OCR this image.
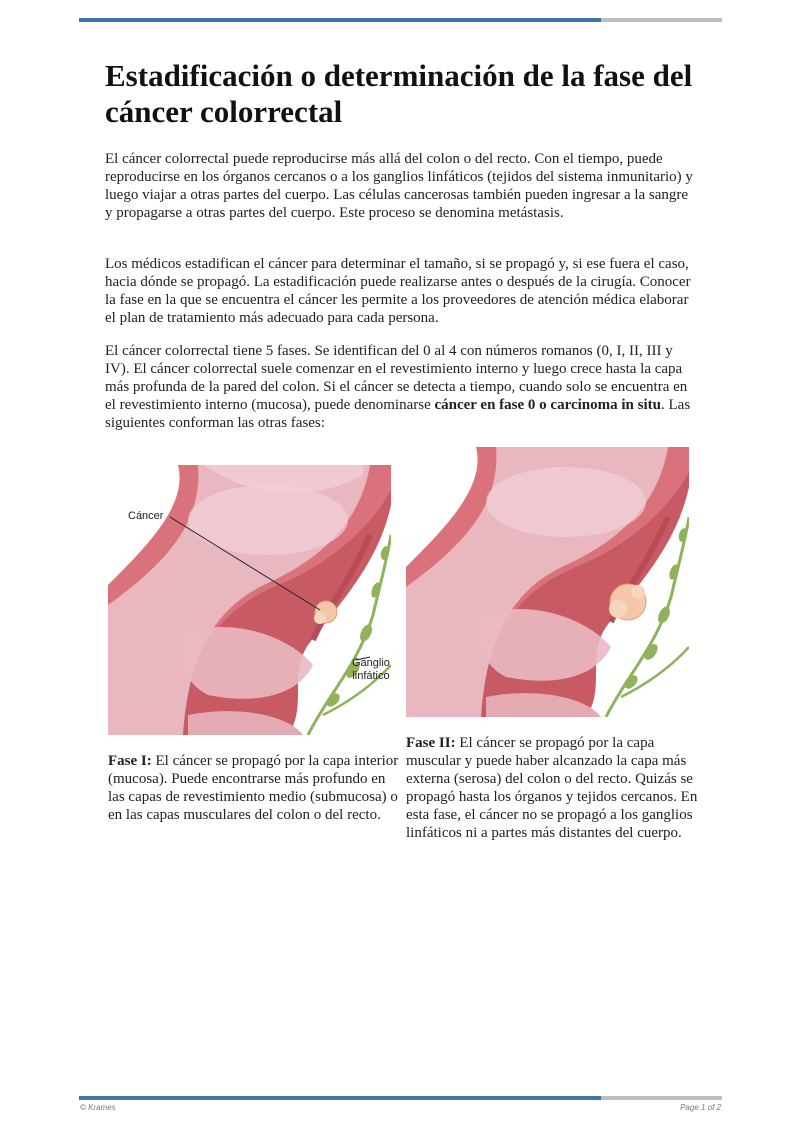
Estadificación o determinación de la fase del cáncer colorrectal

El cáncer colorrectal puede reproducirse más allá del colon o del recto. Con el tiempo, puede reproducirse en los órganos cercanos o a los ganglios linfáticos (tejidos del sistema inmunitario) y luego viajar a otras partes del cuerpo. Las células cancerosas también pueden ingresar a la sangre y propagarse a otras partes del cuerpo. Este proceso se denomina metástasis.

Los médicos estadifican el cáncer para determinar el tamaño, si se propagó y, si ese fuera el caso, hacia dónde se propagó. La estadificación puede realizarse antes o después de la cirugía. Conocer la fase en la que se encuentra el cáncer les permite a los proveedores de atención médica elaborar el plan de tratamiento más adecuado para cada persona.

El cáncer colorrectal tiene 5 fases. Se identifican del 0 al 4 con números romanos (0, I, II, III y IV). El cáncer colorrectal suele comenzar en el revestimiento interno y luego crece hasta la capa más profunda de la pared del colon. Si el cáncer se detecta a tiempo, cuando solo se encuentra en el revestimiento interno (mucosa), puede denominarse cáncer en fase 0 o carcinoma in situ. Las siguientes conforman las otras fases:

Cáncer
Ganglio
linfático

Fase I: El cáncer se propagó por la capa interior (mucosa). Puede encontrarse más profundo en las capas de revestimiento medio (submucosa) o en las capas musculares del colon o del recto.

Fase II: El cáncer se propagó por la capa muscular y puede haber alcanzado la capa más externa (serosa) del colon o del recto. Quizás se propagó hasta los órganos y tejidos cercanos. En esta fase, el cáncer no se propagó a los ganglios linfáticos ni a partes más distantes del cuerpo.

© Krames	Page 1 of 2
